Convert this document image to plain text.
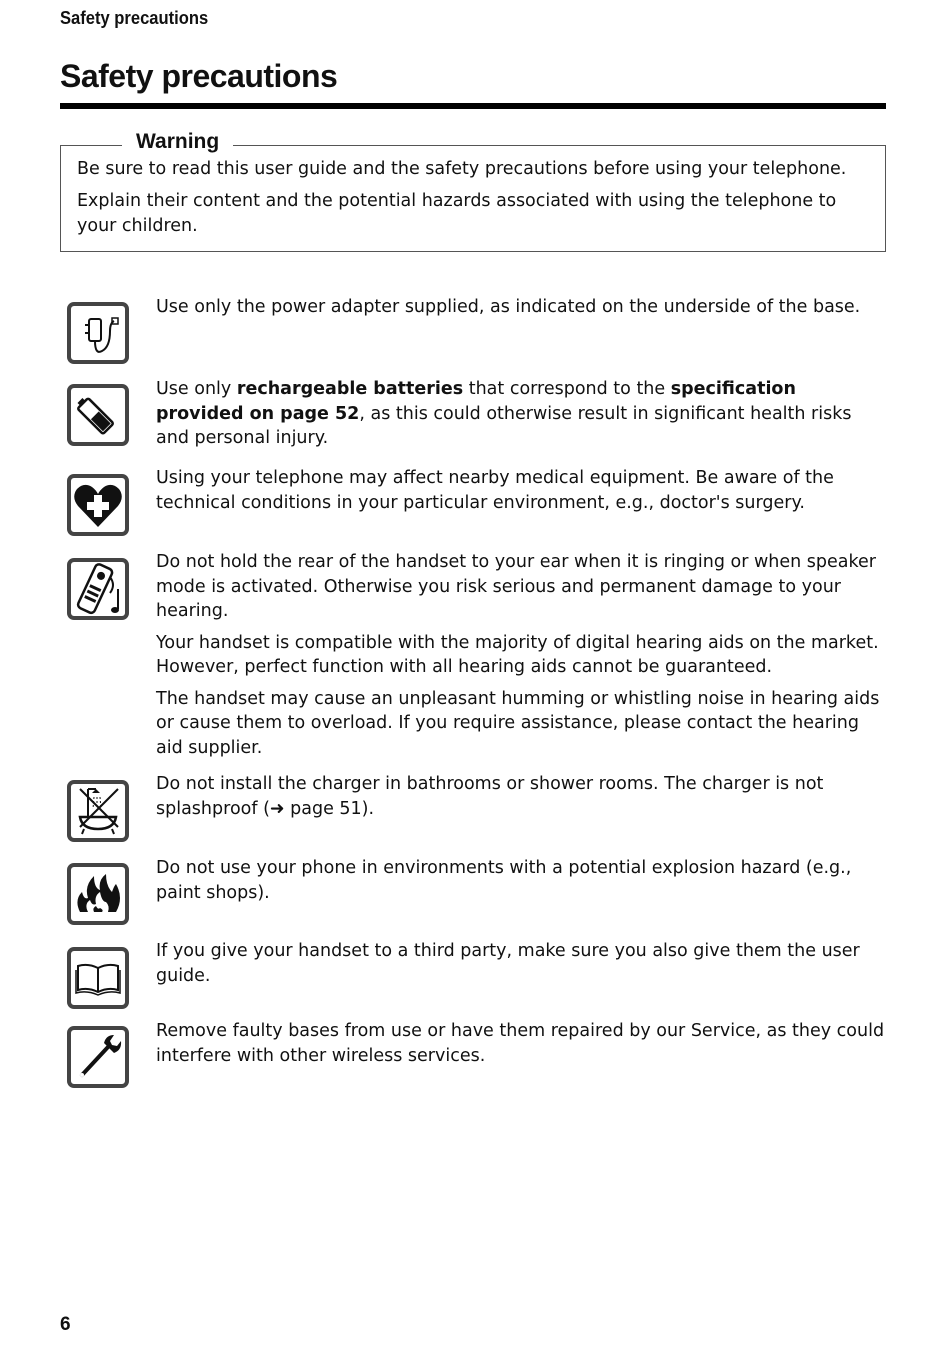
Safety precautions
Safety precautions
Warning

Be sure to read this user guide and the safety precautions before using your telephone.

Explain their content and the potential hazards associated with using the telephone to your children.

Use only the power adapter supplied, as indicated on the underside of the base.
Use only rechargeable batteries that correspond to the specification provided on page 52, as this could otherwise result in significant health risks and personal injury.
Using your telephone may affect nearby medical equipment. Be aware of the technical conditions in your particular environment, e.g., doctor's surgery.

Do not hold the rear of the handset to your ear when it is ringing or when speaker mode is activated. Otherwise you risk serious and permanent damage to your hearing.

Your handset is compatible with the majority of digital hearing aids on the market. However, perfect function with all hearing aids cannot be guaranteed.

The handset may cause an unpleasant humming or whistling noise in hearing aids or cause them to overload. If you require assistance, please contact the hearing aid supplier.

Do not install the charger in bathrooms or shower rooms. The charger is not splashproof (➜ page 51).
Do not use your phone in environments with a potential explosion hazard (e.g., paint shops).
If you give your handset to a third party, make sure you also give them the user guide.
Remove faulty bases from use or have them repaired by our Service, as they could interfere with other wireless services.
6
